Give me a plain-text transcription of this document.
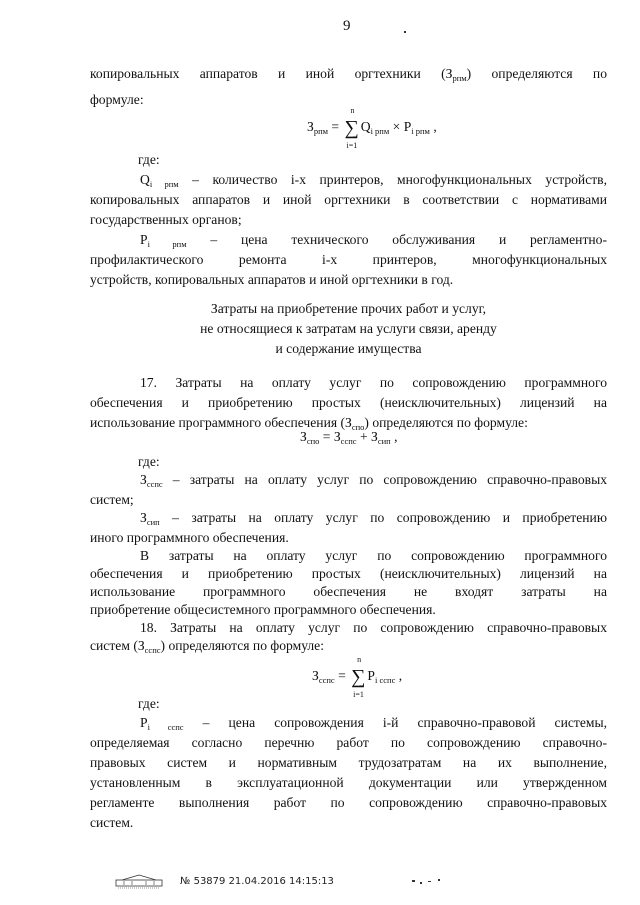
9
копировальных аппаратов и иной оргтехники $(З_{рпм})$ определяются по
формуле:
$З_{рпм}$ = ∑
n
i=1
$Q_{i рпм} \times P_{i рпм}$ ,
где:
$Q_{i рпм}$ – количество i-х принтеров, многофункциональных устройств,
копировальных аппаратов и иной оргтехники в соответствии с нормативами
государственных органов;
$P_{i рпм}$ – цена технического обслуживания и регламентно-
профилактического ремонта i-х принтеров, многофункциональных
устройств, копировальных аппаратов и иной оргтехники в год.
Затраты на приобретение прочих работ и услуг,
не относящиеся к затратам на услуги связи, аренду
и содержание имущества
17. Затраты на оплату услуг по сопровождению программного
обеспечения и приобретению простых (неисключительных) лицензий на
использование программного обеспечения $(З_{спо})$ определяются по формуле:
$З_{спо} = З_{сспс} + З_{сип}$ ,
где:
$З_{сспс}$ – затраты на оплату услуг по сопровождению справочно-правовых
систем;
$З_{сип}$ – затраты на оплату услуг по сопровождению и приобретению
иного программного обеспечения.
В затраты на оплату услуг по сопровождению программного
обеспечения и приобретению простых (неисключительных) лицензий на
использование программного обеспечения не входят затраты на
приобретение общесистемного программного обеспечения.
18. Затраты на оплату услуг по сопровождению справочно-правовых
систем $(З_{сспс})$ определяются по формуле:
$З_{сспс}$ = ∑
n
i=1
$P_{i сспс}$ ,
где:
$P_{i сспс}$ – цена сопровождения i-й справочно-правовой системы,
определяемая согласно перечню работ по сопровождению справочно-
правовых систем и нормативным трудозатратам на их выполнение,
установленным в эксплуатационной документации или утвержденном
регламенте выполнения работ по сопровождению справочно-правовых
систем.
№ 53879 21.04.2016 14:15:13
